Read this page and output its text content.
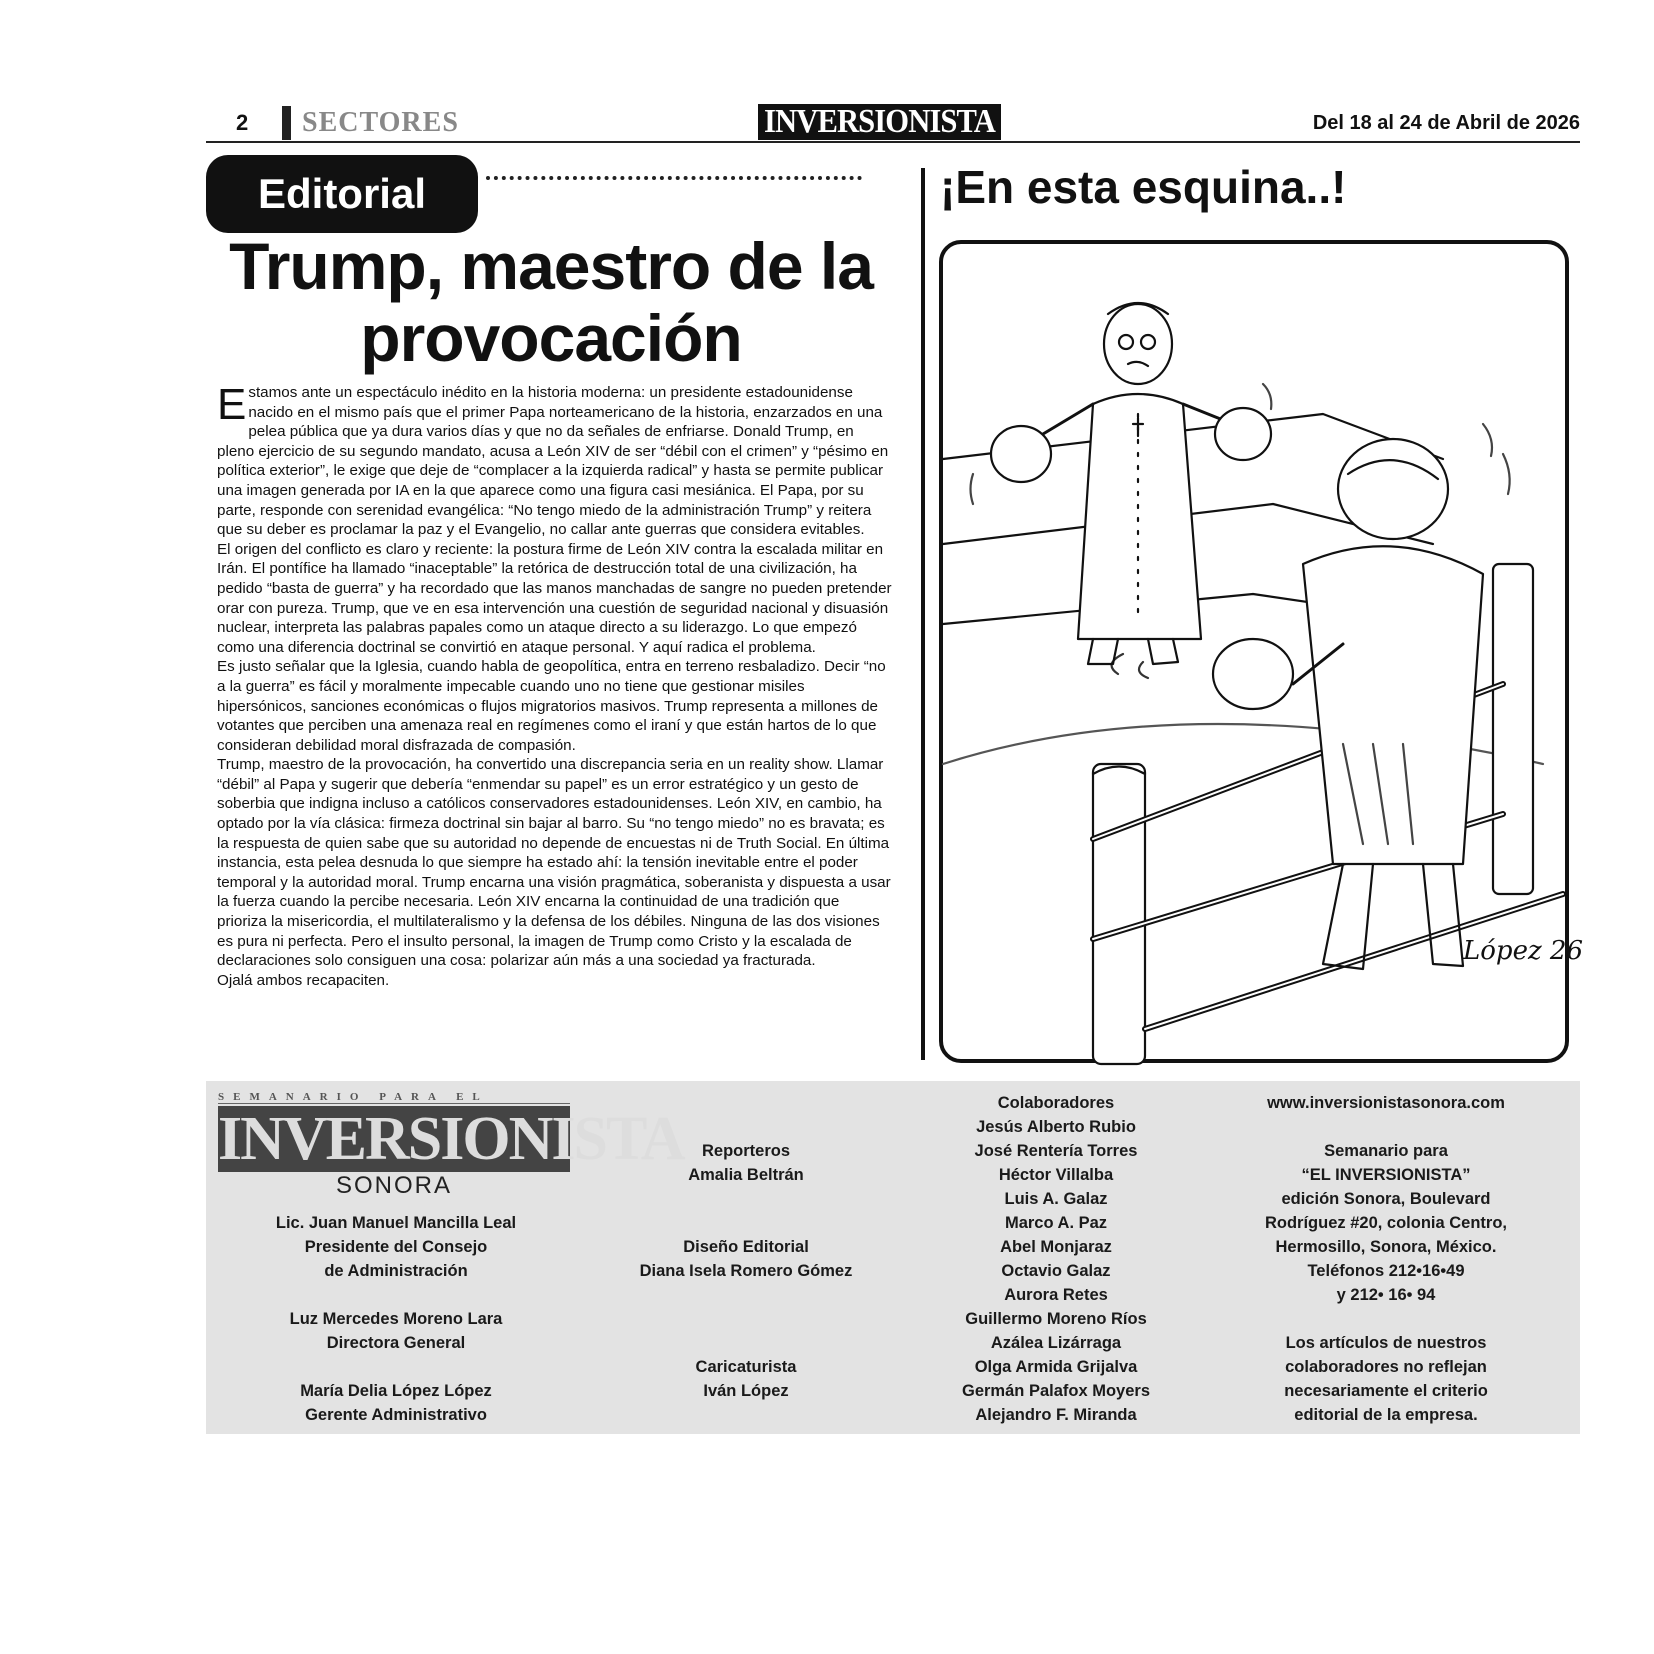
2 SECTORES	INVERSIONISTA	Del 18 al 24 de Abril de 2026
Editorial
Trump, maestro de la
provocación

Estamos ante un espectáculo inédito en la historia moderna: un presidente estadounidense nacido en el mismo país que el primer Papa norteamericano de la historia, enzarzados en una pelea pública que ya dura varios días y que no da señales de enfriarse. Donald Trump, en pleno ejercicio de su segundo mandato, acusa a León XIV de ser “débil con el crimen” y “pésimo en política exterior”, le exige que deje de “complacer a la izquierda radical” y hasta se permite publicar una imagen generada por IA en la que aparece como una figura casi mesiánica. El Papa, por su parte, responde con serenidad evangélica: “No tengo miedo de la administración Trump” y reitera que su deber es proclamar la paz y el Evangelio, no callar ante guerras que considera evitables.

El origen del conflicto es claro y reciente: la postura firme de León XIV contra la escalada militar en Irán. El pontífice ha llamado “inaceptable” la retórica de destrucción total de una civilización, ha pedido “basta de guerra” y ha recordado que las manos manchadas de sangre no pueden pretender orar con pureza. Trump, que ve en esa intervención una cuestión de seguridad nacional y disuasión nuclear, interpreta las palabras papales como un ataque directo a su liderazgo. Lo que empezó como una diferencia doctrinal se convirtió en ataque personal. Y aquí radica el problema.

Es justo señalar que la Iglesia, cuando habla de geopolítica, entra en terreno resbaladizo. Decir “no a la guerra” es fácil y moralmente impecable cuando uno no tiene que gestionar misiles hipersónicos, sanciones económicas o flujos migratorios masivos. Trump representa a millones de votantes que perciben una amenaza real en regímenes como el iraní y que están hartos de lo que consideran debilidad moral disfrazada de compasión.

Trump, maestro de la provocación, ha convertido una discrepancia seria en un reality show. Llamar “débil” al Papa y sugerir que debería “enmendar su papel” es un error estratégico y un gesto de soberbia que indigna incluso a católicos conservadores estadounidenses. León XIV, en cambio, ha optado por la vía clásica: firmeza doctrinal sin bajar al barro. Su “no tengo miedo” no es bravata; es la respuesta de quien sabe que su autoridad no depende de encuestas ni de Truth Social. En última instancia, esta pelea desnuda lo que siempre ha estado ahí: la tensión inevitable entre el poder temporal y la autoridad moral. Trump encarna una visión pragmática, soberanista y dispuesta a usar la fuerza cuando la percibe necesaria. León XIV encarna la continuidad de una tradición que prioriza la misericordia, el multilateralismo y la defensa de los débiles. Ninguna de las dos visiones es pura ni perfecta. Pero el insulto personal, la imagen de Trump como Cristo y la escalada de declaraciones solo consiguen una cosa: polarizar aún más a una sociedad ya fracturada.

Ojalá ambos recapaciten.

¡En esta esquina..!
López 26
SEMANARIO PARA EL
INVERSIONISTA
SONORA

Lic. Juan Manuel Mancilla Leal

Presidente del Consejo

de Administración

Luz Mercedes Moreno Lara

Directora General

María Delia López López

Gerente Administrativo

Reporteros

Amalia Beltrán

Diseño Editorial

Diana Isela Romero Gómez

Caricaturista

Iván López

Colaboradores

Jesús Alberto Rubio

José Rentería Torres

Héctor Villalba

Luis A. Galaz

Marco A. Paz

Abel Monjaraz

Octavio Galaz

Aurora Retes

Guillermo Moreno Ríos

Azálea Lizárraga

Olga Armida Grijalva

Germán Palafox Moyers

Alejandro F. Miranda

www.inversionistasonora.com

Semanario para

“EL INVERSIONISTA”

edición Sonora, Boulevard

Rodríguez #20, colonia Centro,

Hermosillo, Sonora, México.

Teléfonos 212•16•49

y 212• 16• 94

Los artículos de nuestros

colaboradores no reflejan

necesariamente el criterio

editorial de la empresa.
